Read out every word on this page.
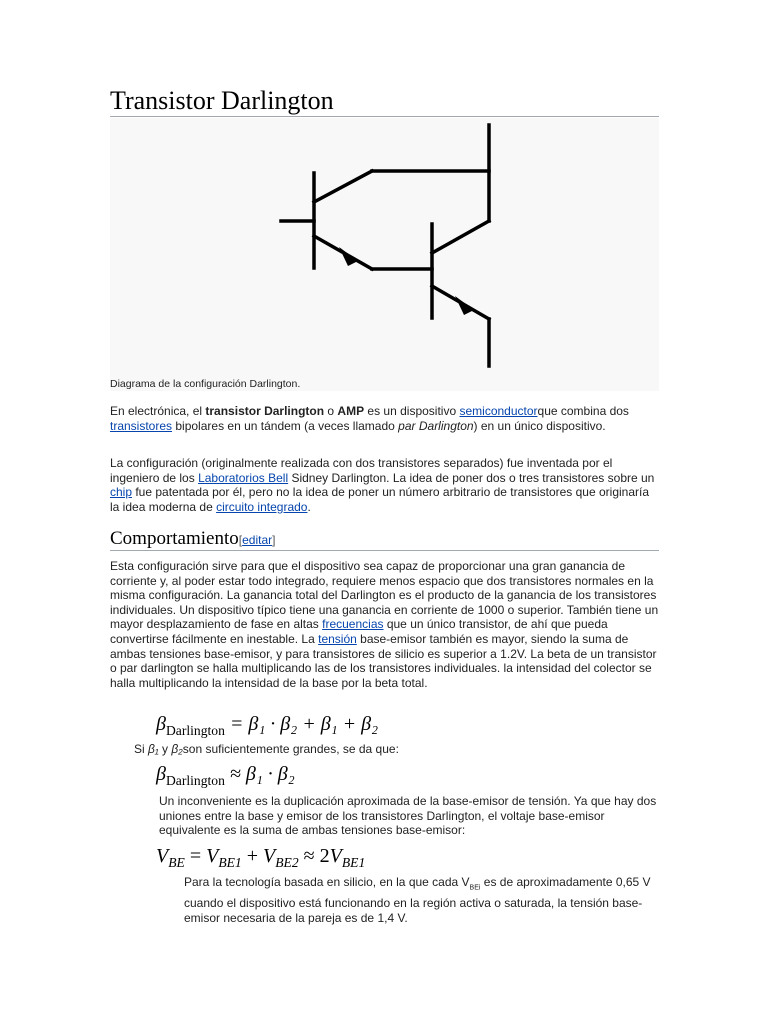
Transistor Darlington
Diagrama de la configuración Darlington.
En electrónica, el transistor Darlington o AMP es un dispositivo semiconductorque combina dos transistores bipolares en un tándem (a veces llamado par Darlington) en un único dispositivo.
La configuración (originalmente realizada con dos transistores separados) fue inventada por el ingeniero de los Laboratorios Bell Sidney Darlington. La idea de poner dos o tres transistores sobre un chip fue patentada por él, pero no la idea de poner un número arbitrario de transistores que originaría la idea moderna de circuito integrado.
Comportamiento[editar]
Esta configuración sirve para que el dispositivo sea capaz de proporcionar una gran ganancia de corriente y, al poder estar todo integrado, requiere menos espacio que dos transistores normales en la misma configuración. La ganancia total del Darlington es el producto de la ganancia de los transistores individuales. Un dispositivo típico tiene una ganancia en corriente de 1000 o superior. También tiene un mayor desplazamiento de fase en altas frecuencias que un único transistor, de ahí que pueda convertirse fácilmente en inestable. La tensión base-emisor también es mayor, siendo la suma de ambas tensiones base-emisor, y para transistores de silicio es superior a 1.2V. La beta de un transistor o par darlington se halla multiplicando las de los transistores individuales. la intensidad del colector se halla multiplicando la intensidad de la base por la beta total.
$\beta_{Darlington} = \beta_1 \cdot \beta_2 + \beta_1 + \beta_2$
Si β₁ y β₂son suficientemente grandes, se da que:
$\beta_{Darlington} \approx \beta_1 \cdot \beta_2$
Un inconveniente es la duplicación aproximada de la base-emisor de tensión. Ya que hay dos uniones entre la base y emisor de los transistores Darlington, el voltaje base-emisor equivalente es la suma de ambas tensiones base-emisor:
$V_{BE} = V_{BE1} + V_{BE2} \approx 2V_{BE1}$
Para la tecnología basada en silicio, en la que cada $V_{BEi}$ es de aproximadamente 0,65 V cuando el dispositivo está funcionando en la región activa o saturada, la tensión base-emisor necesaria de la pareja es de 1,4 V.
